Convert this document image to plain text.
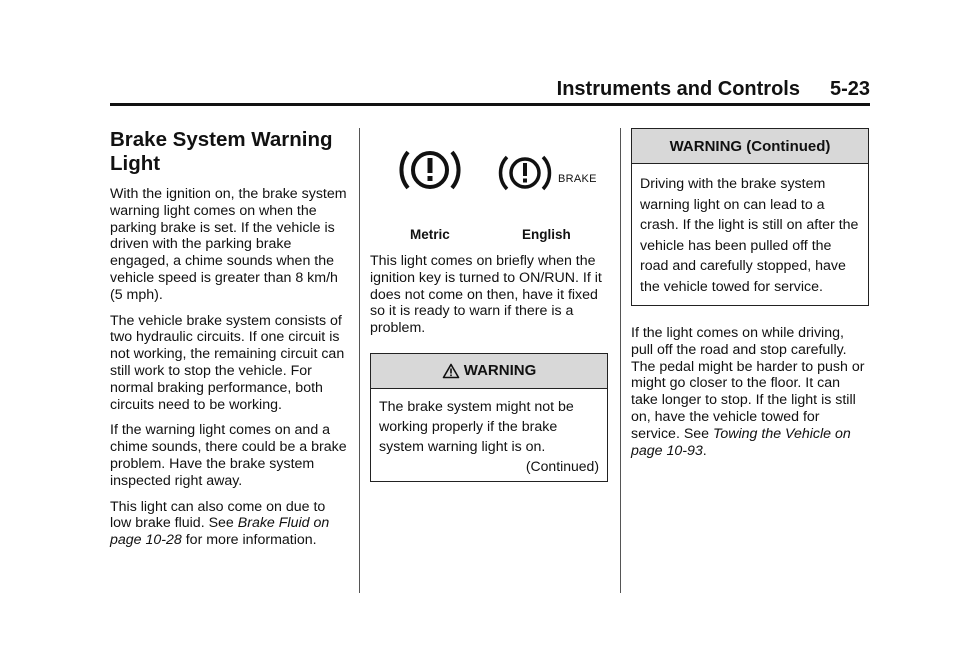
Instruments and Controls 5-23
Brake System Warning Light

With the ignition on, the brake system warning light comes on when the parking brake is set. If the vehicle is driven with the parking brake engaged, a chime sounds when the vehicle speed is greater than 8 km/h (5 mph).

The vehicle brake system consists of two hydraulic circuits. If one circuit is not working, the remaining circuit can still work to stop the vehicle. For normal braking performance, both circuits need to be working.

If the warning light comes on and a chime sounds, there could be a brake problem. Have the brake system inspected right away.

This light can also come on due to low brake fluid. See Brake Fluid on page 10-28 for more information.

BRAKE
Metric	English

This light comes on briefly when the ignition key is turned to ON/RUN. If it does not come on then, have it fixed so it is ready to warn if there is a problem.

WARNING
The brake system might not be working properly if the brake system warning light is on.
(Continued)
WARNING (Continued)
Driving with the brake system warning light on can lead to a crash. If the light is still on after the vehicle has been pulled off the road and carefully stopped, have the vehicle towed for service.

If the light comes on while driving, pull off the road and stop carefully. The pedal might be harder to push or might go closer to the floor. It can take longer to stop. If the light is still on, have the vehicle towed for service. See Towing the Vehicle on page 10-93.
